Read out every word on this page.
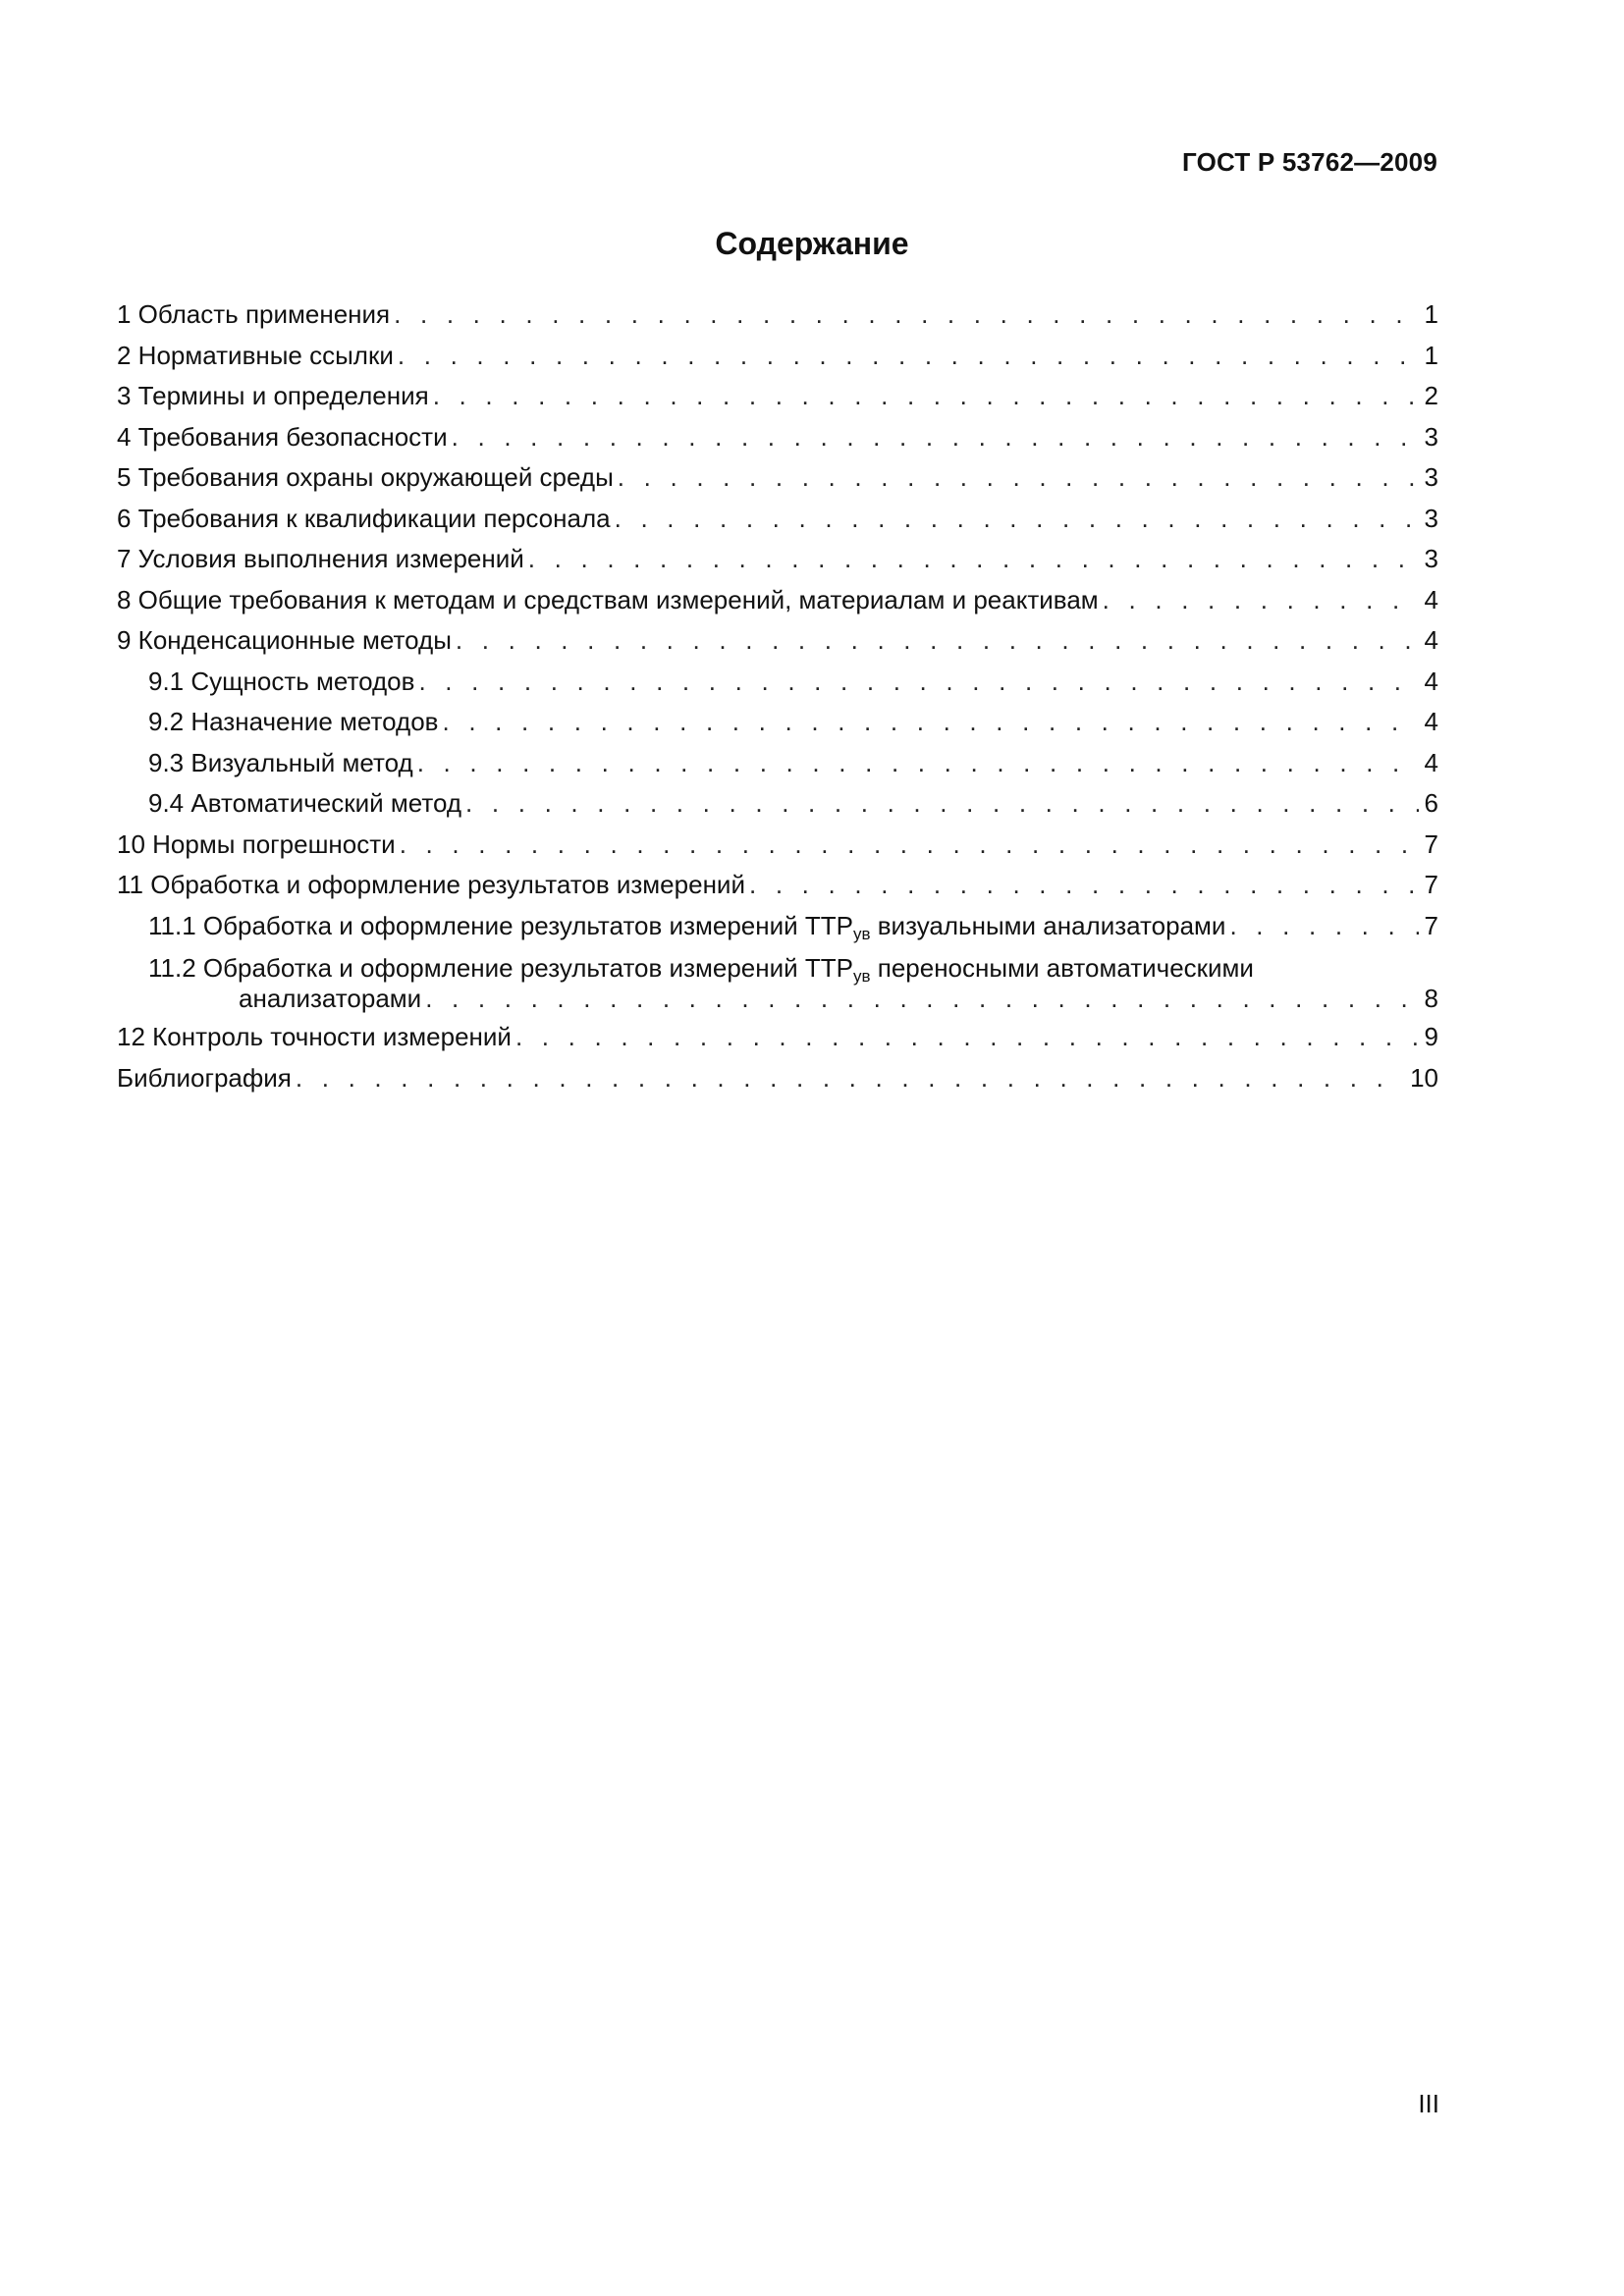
ГОСТ Р 53762—2009
Содержание
1 Область применения . . .	1
2 Нормативные ссылки . . .	1
3 Термины и определения . . .	2
4 Требования безопасности . . .	3
5 Требования охраны окружающей среды . . .	3
6 Требования к квалификации персонала . . .	3
7 Условия выполнения измерений . . .	3
8 Общие требования к методам и средствам измерений, материалам и реактивам . . .	4
9 Конденсационные методы . . .	4
9.1 Сущность методов . . .	4
9.2 Назначение методов . . .	4
9.3 Визуальный метод . . .	4
9.4 Автоматический метод . . .	6
10 Нормы погрешности . . .	7
11 Обработка и оформление результатов измерений . . .	7
11.1 Обработка и оформление результатов измерений $ТТР_{ув}$ визуальными анализаторами . . .	7
11.2 Обработка и оформление результатов измерений $ТТР_{ув}$ переносными автоматическими
анализаторами . . .	8
12 Контроль точности измерений . . .	9
Библиография . . .	10
III
